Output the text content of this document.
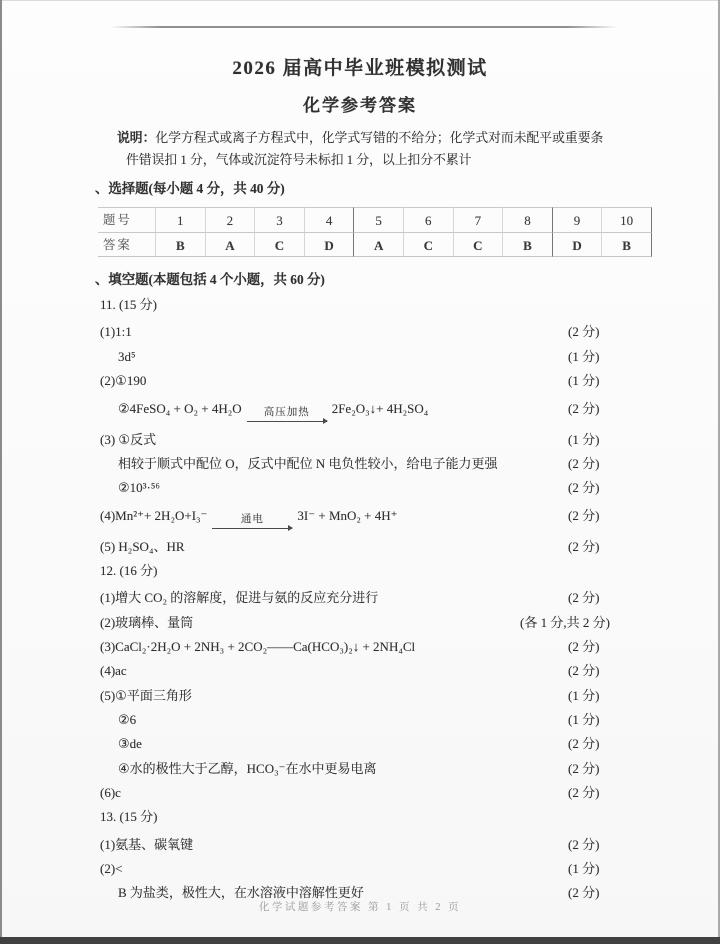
2026 届高中毕业班模拟测试
化学参考答案
说明：化学方程式或离子方程式中，化学式写错的不给分；化学式对而未配平或重要条
件错误扣 1 分，气体或沉淀符号未标扣 1 分，以上扣分不累计
、选择题(每小题 4 分，共 40 分)
题号	1	2	3	4	5	6	7	8	9	10
答案	B	A	C	D	A	C	C	B	D	B
、填空题(本题包括 4 个小题，共 60 分)
11. (15 分)
(1)1:1	(2 分)
3d⁵	(1 分)
(2)①190	(1 分)
②4FeSO₄ + O₂ + 4H₂O 高压加热 2Fe₂O₃↓+ 4H₂SO₄	(2 分)
(3) ①反式	(1 分)
相较于顺式中配位 O，反式中配位 N 电负性较小，给电子能力更强	(2 分)
②10³·⁵⁶	(2 分)
(4)Mn²⁺+ 2H₂O+I₃⁻	通电	3I⁻ + MnO₂ + 4H⁺	(2 分)
(5) H₂SO₄、HR	(2 分)
12. (16 分)
(1)增大 CO₂ 的溶解度，促进与氨的反应充分进行	(2 分)
(2)玻璃棒、量筒	(各 1 分,共 2 分)
(3)CaCl₂·2H₂O + 2NH₃ + 2CO₂——Ca(HCO₃)₂↓ + 2NH₄Cl	(2 分)
(4)ac	(2 分)
(5)①平面三角形	(1 分)
②6	(1 分)
③de	(2 分)
④水的极性大于乙醇，HCO₃⁻在水中更易电离	(2 分)
(6)c	(2 分)
13. (15 分)
(1)氨基、碳氧键	(2 分)
(2)<	(1 分)
B 为盐类，极性大，在水溶液中溶解性更好	(2 分)
化学试题参考答案 第 1 页 共 2 页
